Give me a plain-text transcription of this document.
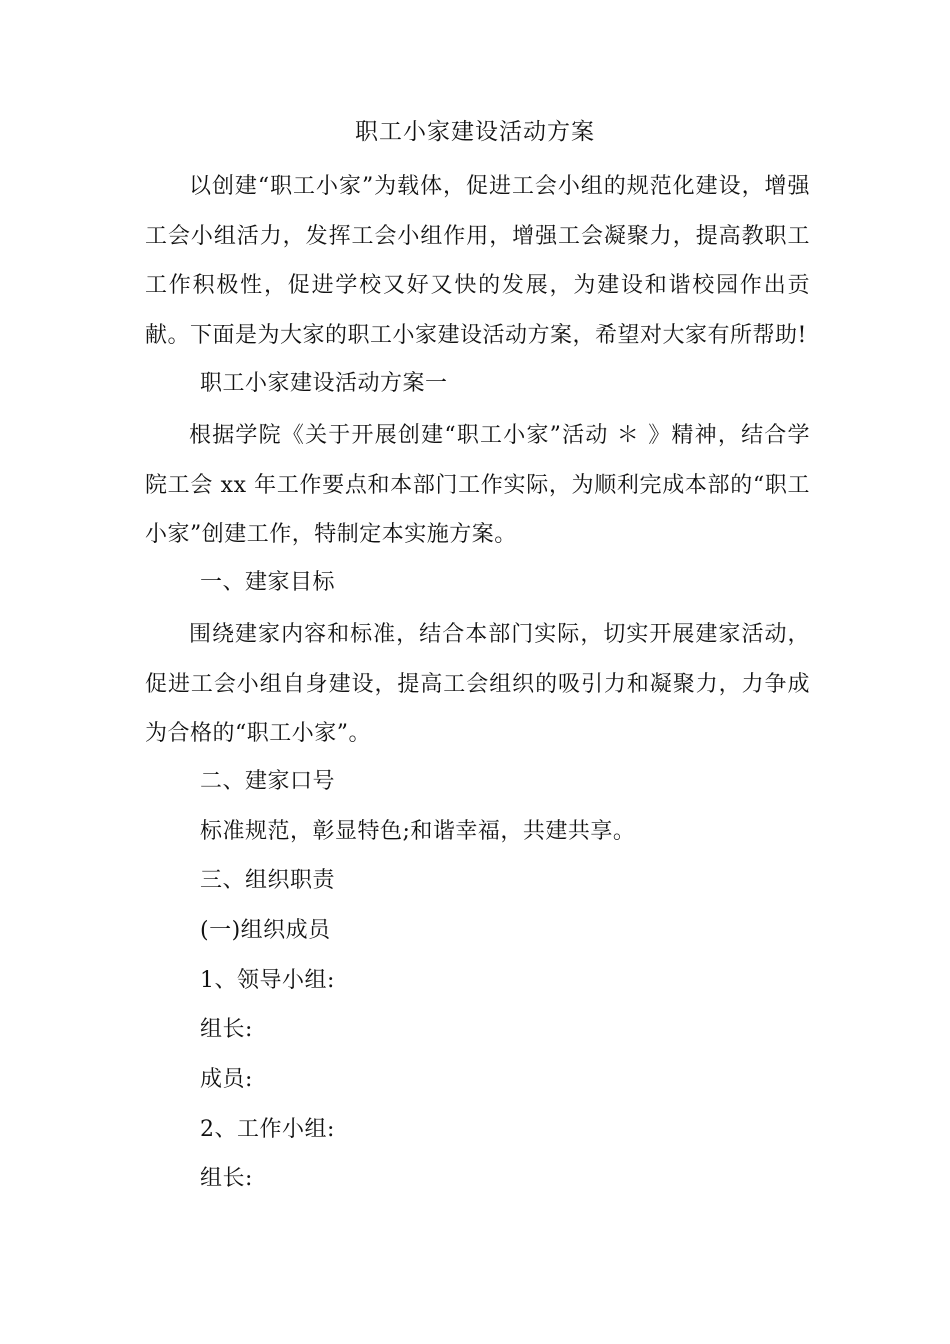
职工小家建设活动方案
以创建“职工小家”为载体，促进工会小组的规范化建设，增强工会小组活力，发挥工会小组作用，增强工会凝聚力，提高教职工工作积极性，促进学校又好又快的发展，为建设和谐校园作出贡献。下面是为大家的职工小家建设活动方案，希望对大家有所帮助!
职工小家建设活动方案一
根据学院《关于开展创建“职工小家”活动 ＊ 》精神，结合学院工会 xx 年工作要点和本部门工作实际，为顺利完成本部的“职工小家”创建工作，特制定本实施方案。
一、建家目标
围绕建家内容和标准，结合本部门实际，切实开展建家活动，促进工会小组自身建设，提高工会组织的吸引力和凝聚力，力争成为合格的“职工小家”。
二、建家口号
标准规范，彰显特色;和谐幸福，共建共享。
三、组织职责
(一)组织成员
1、领导小组:
组长:
成员:
2、工作小组:
组长:
